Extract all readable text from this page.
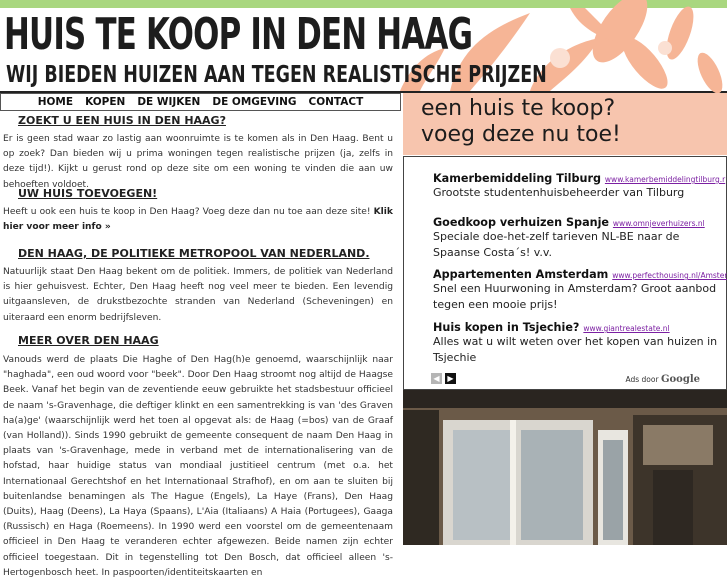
HUIS TE KOOP IN DEN HAAG

WIJ BIEDEN HUIZEN AAN TEGEN REALISTISCHE PRIJZEN

HOME KOPEN DE WIJKEN DE OMGEVING CONTACT
ZOEKT U EEN HUIS IN DEN HAAG?

Er is geen stad waar zo lastig aan woonruimte is te komen als in Den Haag. Bent u op zoek? Dan bieden wij u prima woningen tegen realistische prijzen (ja, zelfs in deze tijd!). Kijkt u gerust rond op deze site om een woning te vinden die aan uw behoeften voldoet.

UW HUIS TOEVOEGEN!

Heeft u ook een huis te koop in Den Haag? Voeg deze dan nu toe aan deze site! Klik hier voor meer info »

DEN HAAG, DE POLITIEKE METROPOOL VAN NEDERLAND.

Natuurlijk staat Den Haag bekent om de politiek. Immers, de politiek van Nederland is hier gehuisvest. Echter, Den Haag heeft nog veel meer te bieden. Een levendig uitgaansleven, de drukstbezochte stranden van Nederland (Scheveningen) en uiteraard een enorm bedrijfsleven.

MEER OVER DEN HAAG

Vanouds werd de plaats Die Haghe of Den Hag(h)e genoemd, waarschijnlijk naar "haghada", een oud woord voor "beek". Door Den Haag stroomt nog altijd de Haagse Beek. Vanaf het begin van de zeventiende eeuw gebruikte het stadsbestuur officieel de naam 's-Gravenhage, die deftiger klinkt en een samentrekking is van 'des Graven ha(a)ge' (waarschijnlijk werd het toen al opgevat als: de Haag (=bos) van de Graaf (van Holland)). Sinds 1990 gebruikt de gemeente consequent de naam Den Haag in plaats van 's-Gravenhage, mede in verband met de internationalisering van de hofstad, haar huidige status van mondiaal justitieel centrum (met o.a. het Internationaal Gerechtshof en het Internationaal Strafhof), en om aan te sluiten bij buitenlandse benamingen als The Hague (Engels), La Haye (Frans), Den Haag (Duits), Haag (Deens), La Haya (Spaans), L'Aia (Italiaans) A Haia (Portugees), Gaaga (Russisch) en Haga (Roemeens). In 1990 werd een voorstel om de gemeentenaam officieel in Den Haag te veranderen echter afgewezen. Beide namen zijn echter officieel toegestaan. Dit in tegenstelling tot Den Bosch, dat officieel alleen 's-Hertogenbosch heet. In paspoorten/identiteitskaarten en

een huis te koop?
voeg deze nu toe!
Kamerbemiddeling Tilburg www.kamerbemiddelingtilburg.r
Grootste studentenhuisbeheerder van Tilburg
Goedkoop verhuizen Spanje www.omnjeverhuizers.nl
Speciale doe-het-zelf tarieven NL-BE naar de Spaanse Costa´s! v.v.
Appartementen Amsterdam www.perfecthousing.nl/Amster
Snel een Huurwoning in Amsterdam? Groot aanbod tegen een mooie prijs!
Huis kopen in Tsjechie? www.giantrealestate.nl
Alles wat u wilt weten over het kopen van huizen in Tsjechie
◀ ▶	Ads door Google
